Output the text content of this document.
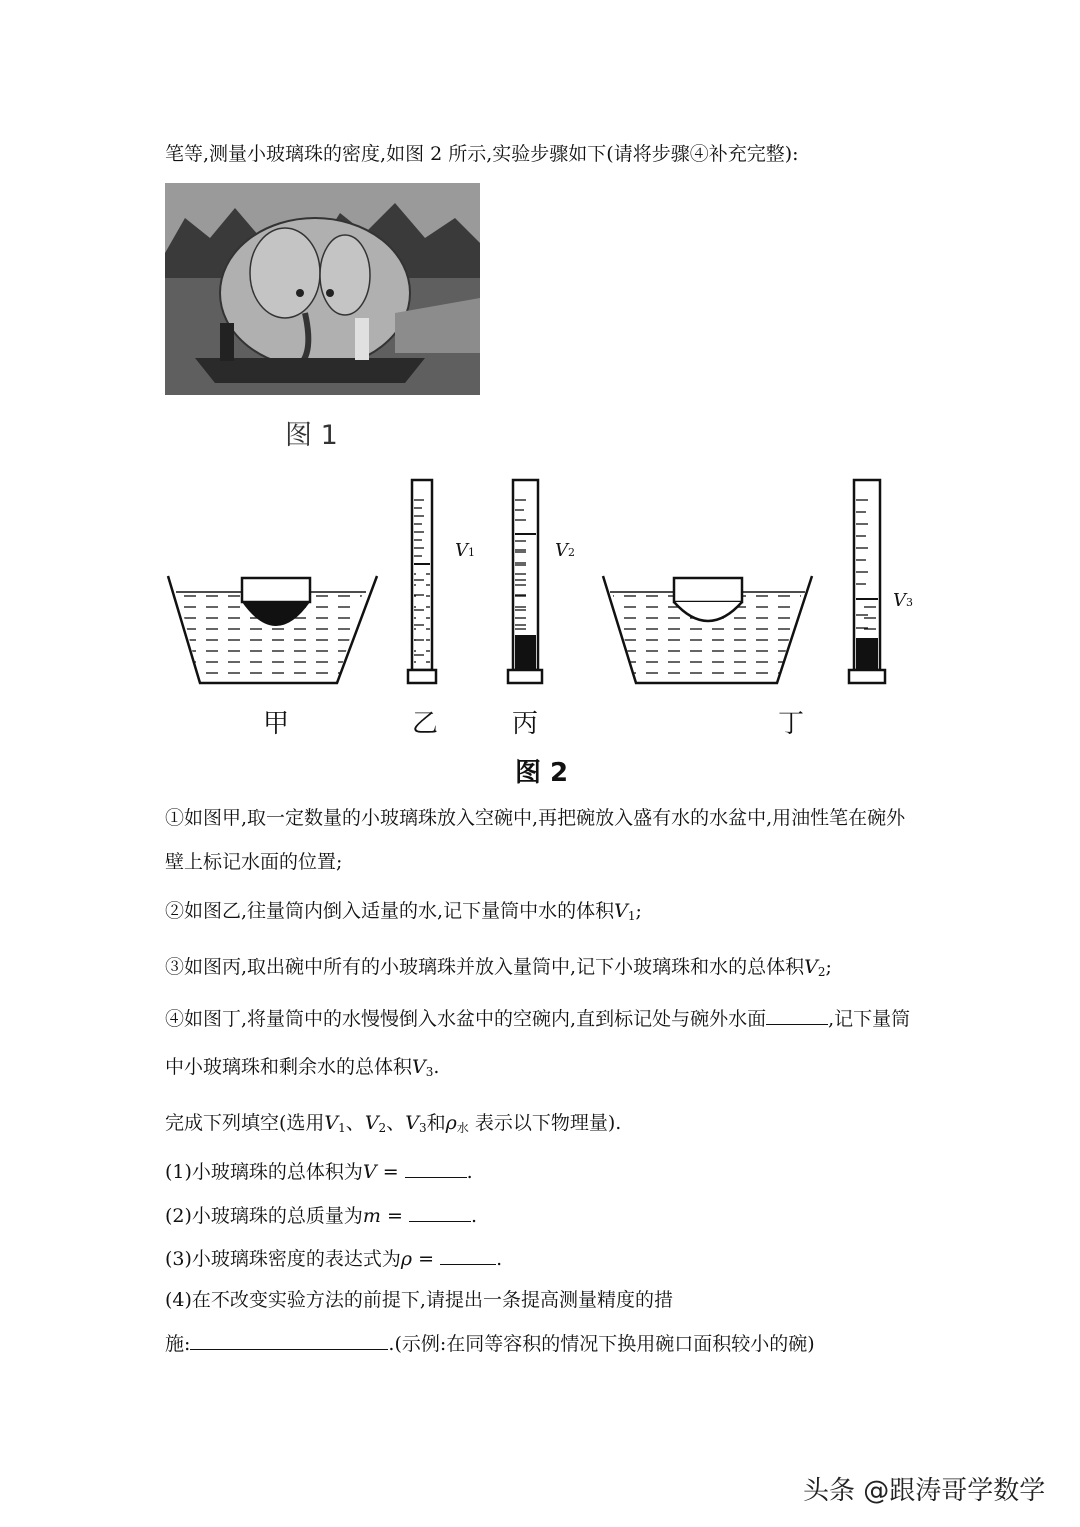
笔等,测量小玻璃珠的密度,如图 2 所示,实验步骤如下(请将步骤④补充完整):
图 1
V1	V2
V3
甲	乙	丙	丁
图 2
①如图甲,取一定数量的小玻璃珠放入空碗中,再把碗放入盛有水的水盆中,用油性笔在碗外
壁上标记水面的位置;
②如图乙,往量筒内倒入适量的水,记下量筒中水的体积$V_1$;
③如图丙,取出碗中所有的小玻璃珠并放入量筒中,记下小玻璃珠和水的总体积$V_2$;
④如图丁,将量筒中的水慢慢倒入水盆中的空碗内,直到标记处与碗外水面	,记下量筒
中小玻璃珠和剩余水的总体积$V_3$.
完成下列填空(选用$V_1$、$V_2$、$V_3$和$\rho_水$ 表示以下物理量).
(1)小玻璃珠的总体积为V =	.
(2)小玻璃珠的总质量为m =	.
(3)小玻璃珠密度的表达式为ρ =	.
(4)在不改变实验方法的前提下,请提出一条提高测量精度的措
施:	.(示例:在同等容积的情况下换用碗口面积较小的碗)
头条 @跟涛哥学数学
